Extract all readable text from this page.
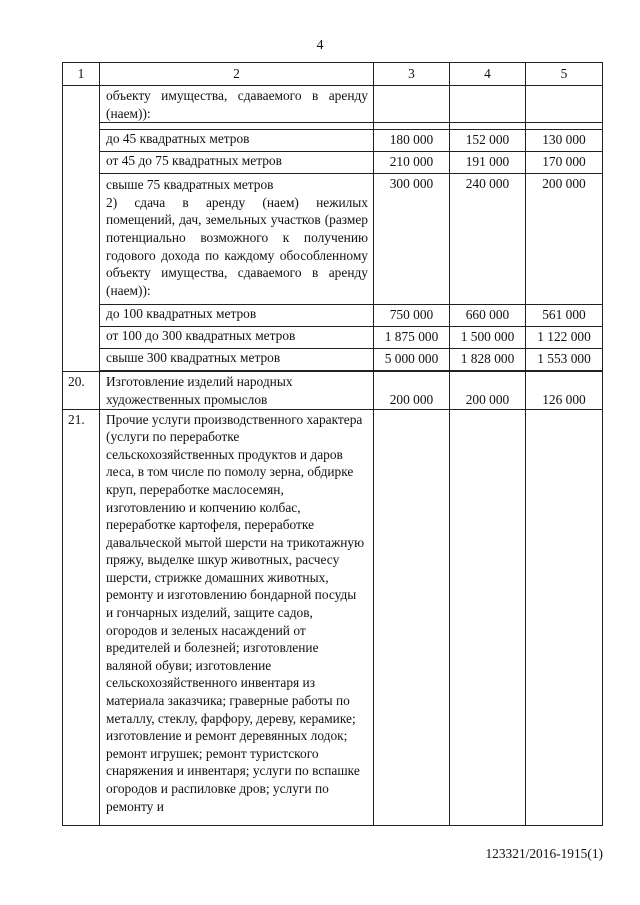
4
1	2	3	4	5
	объекту имущества, сдаваемого в аренду (наем)):			

	до 45 квадратных метров	180 000	152 000	130 000
	от 45 до 75 квадратных метров	210 000	191 000	170 000

	свыше 75 квадратных метров
2) сдача в аренду (наем) нежилых помещений, дач, земельных участков (размер потенциально возможного к получению годового дохода по каждому обособленному объекту имущества, сдаваемого в аренду (наем)):	300 000	240 000	200 000
	до 100 квадратных метров	750 000	660 000	561 000
	от 100 до 300 квадратных метров	1 875 000	1 500 000	1 122 000
	свыше 300 квадратных метров	5 000 000	1 828 000	1 553 000

20.	Изготовление изделий народных художественных промыслов	200 000	200 000	126 000
21.	Прочие услуги производственного характера (услуги по переработке сельскохозяйственных продуктов и даров леса, в том числе по помолу зерна, обдирке круп, переработке маслосемян, изготовлению и копчению колбас, переработке картофеля, переработке давальческой мытой шерсти на трикотажную пряжу, выделке шкур животных, расчесу шерсти, стрижке домашних животных, ремонту и изготовлению бондарной посуды и гончарных изделий, защите садов, огородов и зеленых насаждений от вредителей и болезней; изготовление валяной обуви; изготовление сельскохозяйственного инвентаря из материала заказчика; граверные работы по металлу, стеклу, фарфору, дереву, керамике; изготовление и ремонт деревянных лодок; ремонт игрушек; ремонт туристского снаряжения и инвентаря; услуги по вспашке огородов и распиловке дров; услуги по ремонту и			
123321/2016-1915(1)
